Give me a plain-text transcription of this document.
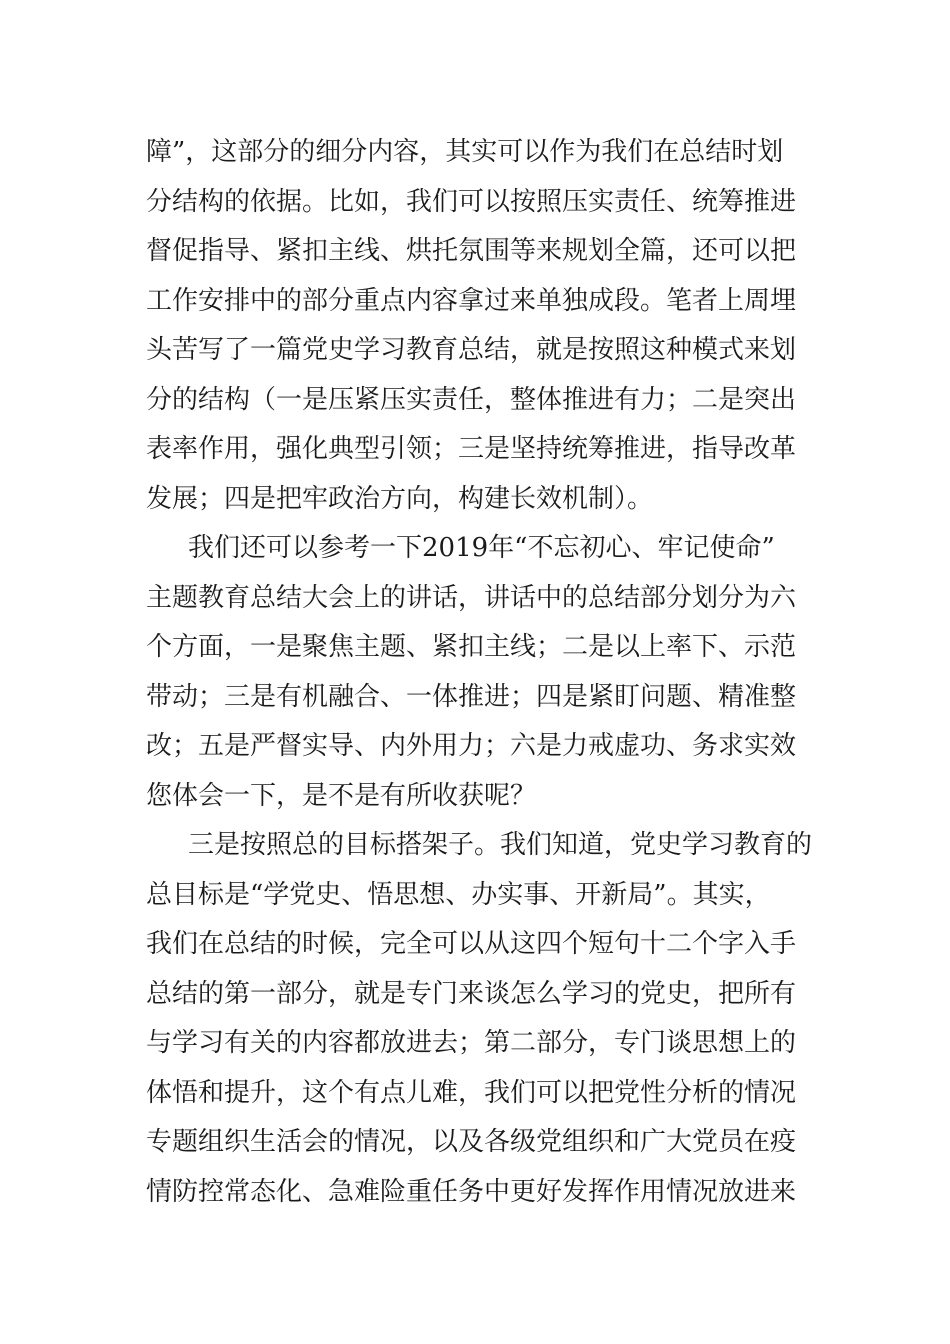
障”，这部分的细分内容，其实可以作为我们在总结时划
分结构的依据。比如，我们可以按照压实责任、统筹推进
督促指导、紧扣主线、烘托氛围等来规划全篇，还可以把
工作安排中的部分重点内容拿过来单独成段。笔者上周埋
头苦写了一篇党史学习教育总结，就是按照这种模式来划
分的结构（一是压紧压实责任，整体推进有力；二是突出
表率作用，强化典型引领；三是坚持统筹推进，指导改革
发展；四是把牢政治方向，构建长效机制）。
我们还可以参考一下2019年“不忘初心、牢记使命”
主题教育总结大会上的讲话，讲话中的总结部分划分为六
个方面，一是聚焦主题、紧扣主线；二是以上率下、示范
带动；三是有机融合、一体推进；四是紧盯问题、精准整
改；五是严督实导、内外用力；六是力戒虚功、务求实效
您体会一下，是不是有所收获呢？
三是按照总的目标搭架子。我们知道，党史学习教育的
总目标是“学党史、悟思想、办实事、开新局”。其实，
我们在总结的时候，完全可以从这四个短句十二个字入手
总结的第一部分，就是专门来谈怎么学习的党史，把所有
与学习有关的内容都放进去；第二部分，专门谈思想上的
体悟和提升，这个有点儿难，我们可以把党性分析的情况
专题组织生活会的情况，以及各级党组织和广大党员在疫
情防控常态化、急难险重任务中更好发挥作用情况放进来
